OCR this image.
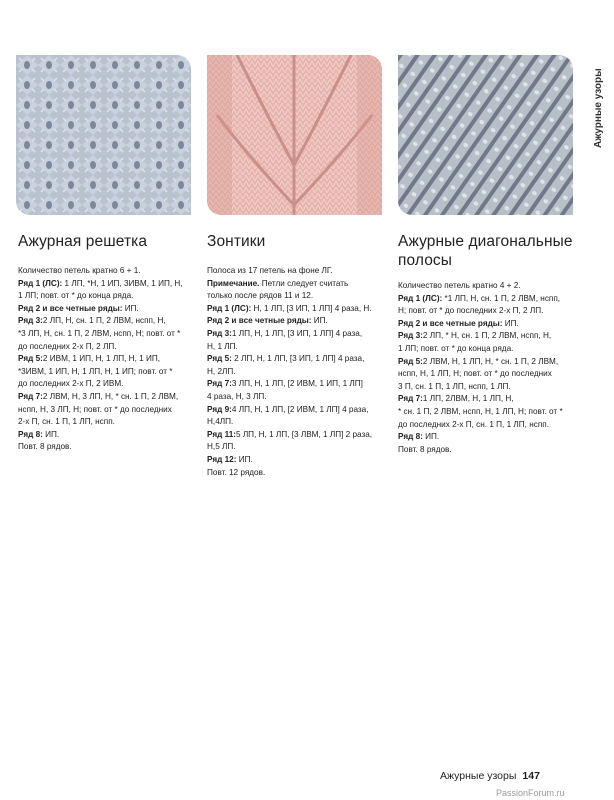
Ажурные узоры
Ажурная решетка

Количество петель кратно 6 + 1.

Ряд 1 (ЛС): 1 ЛП, *Н, 1 ИП, 3ИВМ, 1 ИП, Н,

1 ЛП; повт. от * до конца ряда.

Ряд 2 и все четные ряды: ИП.

Ряд 3:2 ЛП, Н, сн. 1 П, 2 ЛВМ, нспп, Н,

*3 ЛП, Н, сн. 1 П, 2 ЛВМ, нспп, Н; повт. от *

до последних 2-х П, 2 ЛП.

Ряд 5:2 ИВМ, 1 ИП, Н, 1 ЛП, Н, 1 ИП,

*3ИВМ, 1 ИП, Н, 1 ЛП, Н, 1 ИП; повт. от *

до последних 2-х П, 2 ИВМ.

Ряд 7:2 ЛВМ, Н, 3 ЛП, Н, * сн. 1 П, 2 ЛВМ,

нспп, Н, 3 ЛП, Н; повт. от * до последних

2-х П, сн. 1 П, 1 ЛП, нспп.

Ряд 8: ИП.

Повт. 8 рядов.

Зонтики

Полоса из 17 петель на фоне ЛГ.

Примечание. Петли следует считать

только после рядов 11 и 12.

Ряд 1 (ЛС): Н, 1 ЛП, [3 ИП, 1 ЛП] 4 раза, Н.

Ряд 2 и все четные ряды: ИП.

Ряд 3:1 ЛП, Н, 1 ЛП, [3 ИП, 1 ЛП] 4 раза,

Н, 1 ЛП.

Ряд 5: 2 ЛП, Н, 1 ЛП, [3 ИП, 1 ЛП] 4 раза,

Н, 2ЛП.

Ряд 7:3 ЛП, Н, 1 ЛП, [2 ИВМ, 1 ИП, 1 ЛП]

4 раза, Н, 3 ЛП.

Ряд 9:4 ЛП, Н, 1 ЛП, [2 ИВМ, 1 ЛП] 4 раза,

Н,4ЛП.

Ряд 11:5 ЛП, Н, 1 ЛП, [3 ЛВМ, 1 ЛП] 2 раза,

Н,5 ЛП.

Ряд 12: ИП.

Повт. 12 рядов.

Ажурные диагональные полосы

Количество петель кратно 4 + 2.

Ряд 1 (ЛС): *1 ЛП, Н, сн. 1 П, 2 ЛВМ, нспп,

Н; повт. от * до последних 2-х П, 2 ЛП.

Ряд 2 и все четные ряды: ИП.

Ряд 3:2 ЛП, * Н, сн. 1 П, 2 ЛВМ, нспп, Н,

1 ЛП; повт. от * до конца ряда.

Ряд 5:2 ЛВМ, Н, 1 ЛП, Н, * сн. 1 П, 2 ЛВМ,

нспп, Н, 1 ЛП, Н; повт. от * до последних

3 П, сн. 1 П, 1 ЛП, нспп, 1 ЛП.

Ряд 7:1 ЛП, 2ЛВМ, Н, 1 ЛП, Н,

* сн. 1 П, 2 ЛВМ, нспп, Н, 1 ЛП, Н; повт. от *

до последних 2-х П, сн. 1 П, 1 ЛП, нспп.

Ряд 8: ИП.

Повт. 8 рядов.

Ажурные узоры 147
PassionForum.ru
